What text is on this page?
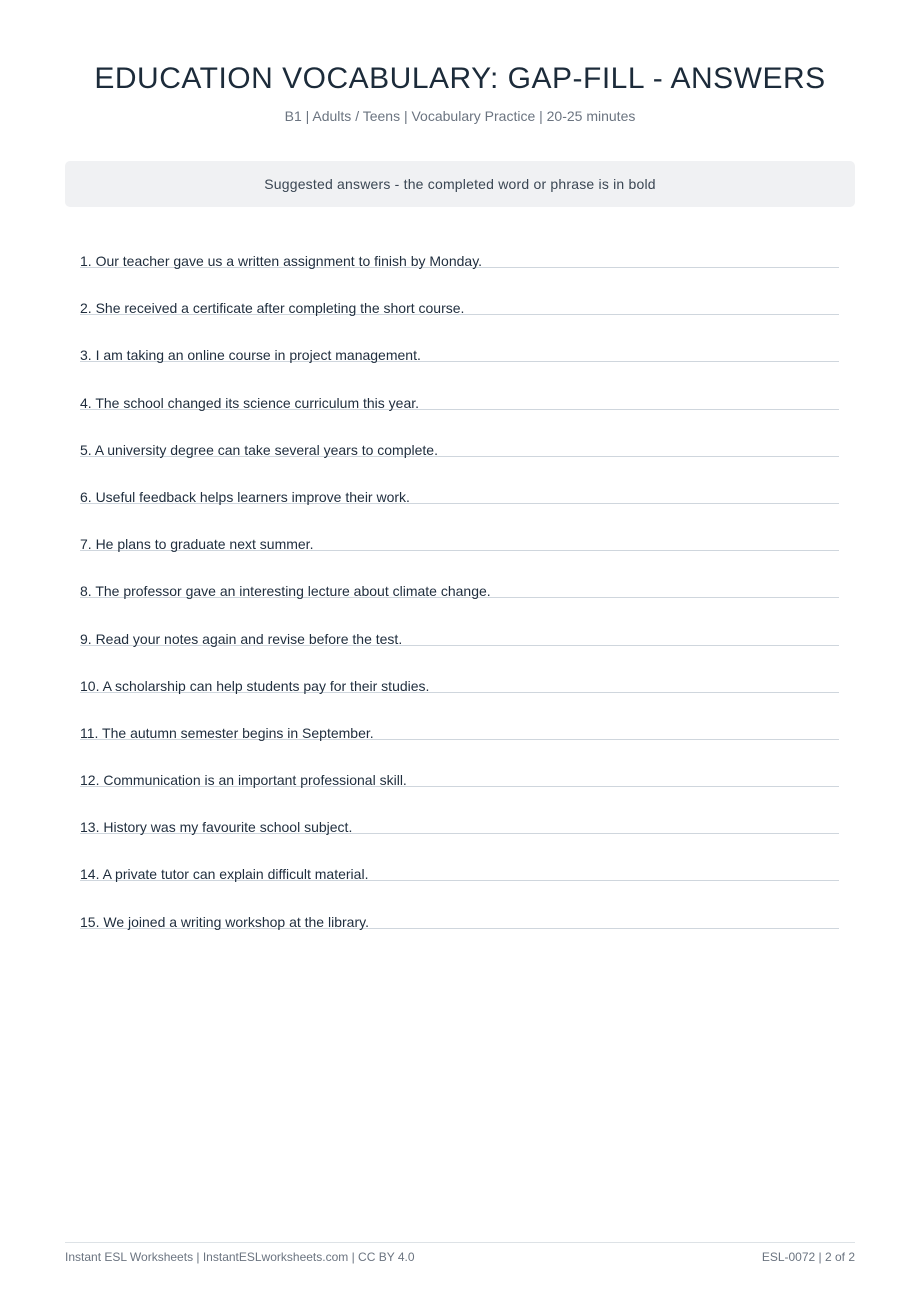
EDUCATION VOCABULARY: GAP-FILL - ANSWERS
B1 | Adults / Teens | Vocabulary Practice | 20-25 minutes
Suggested answers - the completed word or phrase is in bold
1. Our teacher gave us a written assignment to finish by Monday.
2. She received a certificate after completing the short course.
3. I am taking an online course in project management.
4. The school changed its science curriculum this year.
5. A university degree can take several years to complete.
6. Useful feedback helps learners improve their work.
7. He plans to graduate next summer.
8. The professor gave an interesting lecture about climate change.
9. Read your notes again and revise before the test.
10. A scholarship can help students pay for their studies.
11. The autumn semester begins in September.
12. Communication is an important professional skill.
13. History was my favourite school subject.
14. A private tutor can explain difficult material.
15. We joined a writing workshop at the library.
Instant ESL Worksheets | InstantESLworksheets.com | CC BY 4.0	ESL-0072 | 2 of 2
